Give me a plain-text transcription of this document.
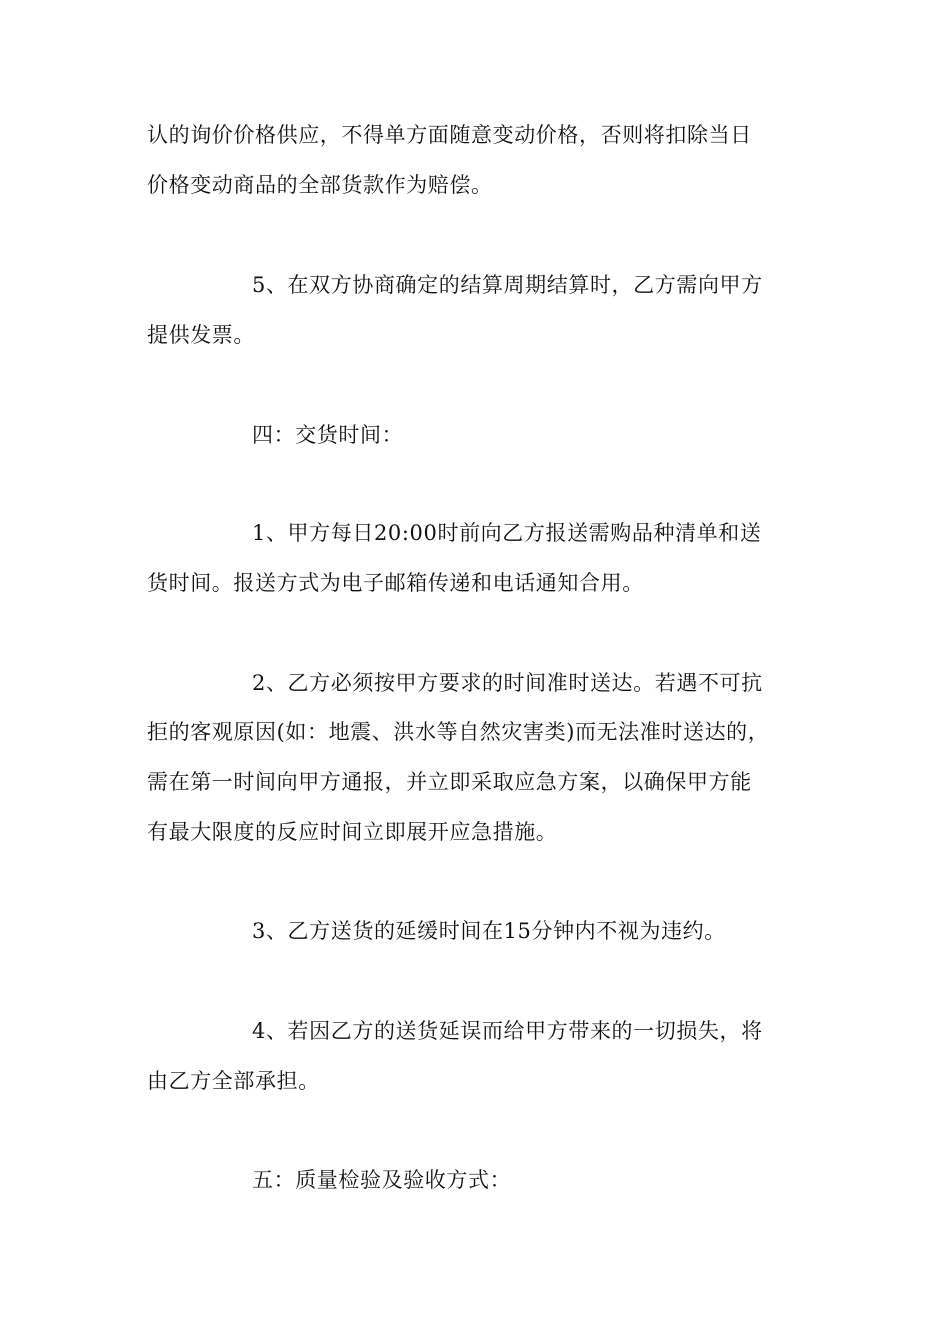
认的询价价格供应，不得单方面随意变动价格，否则将扣除当日
价格变动商品的全部货款作为赔偿。
5、在双方协商确定的结算周期结算时，乙方需向甲方
提供发票。
四：交货时间：
1、甲方每日20:00时前向乙方报送需购品种清单和送
货时间。报送方式为电子邮箱传递和电话通知合用。
2、乙方必须按甲方要求的时间准时送达。若遇不可抗
拒的客观原因(如：地震、洪水等自然灾害类)而无法准时送达的，
需在第一时间向甲方通报，并立即采取应急方案，以确保甲方能
有最大限度的反应时间立即展开应急措施。
3、乙方送货的延缓时间在15分钟内不视为违约。
4、若因乙方的送货延误而给甲方带来的一切损失，将
由乙方全部承担。
五：质量检验及验收方式：
